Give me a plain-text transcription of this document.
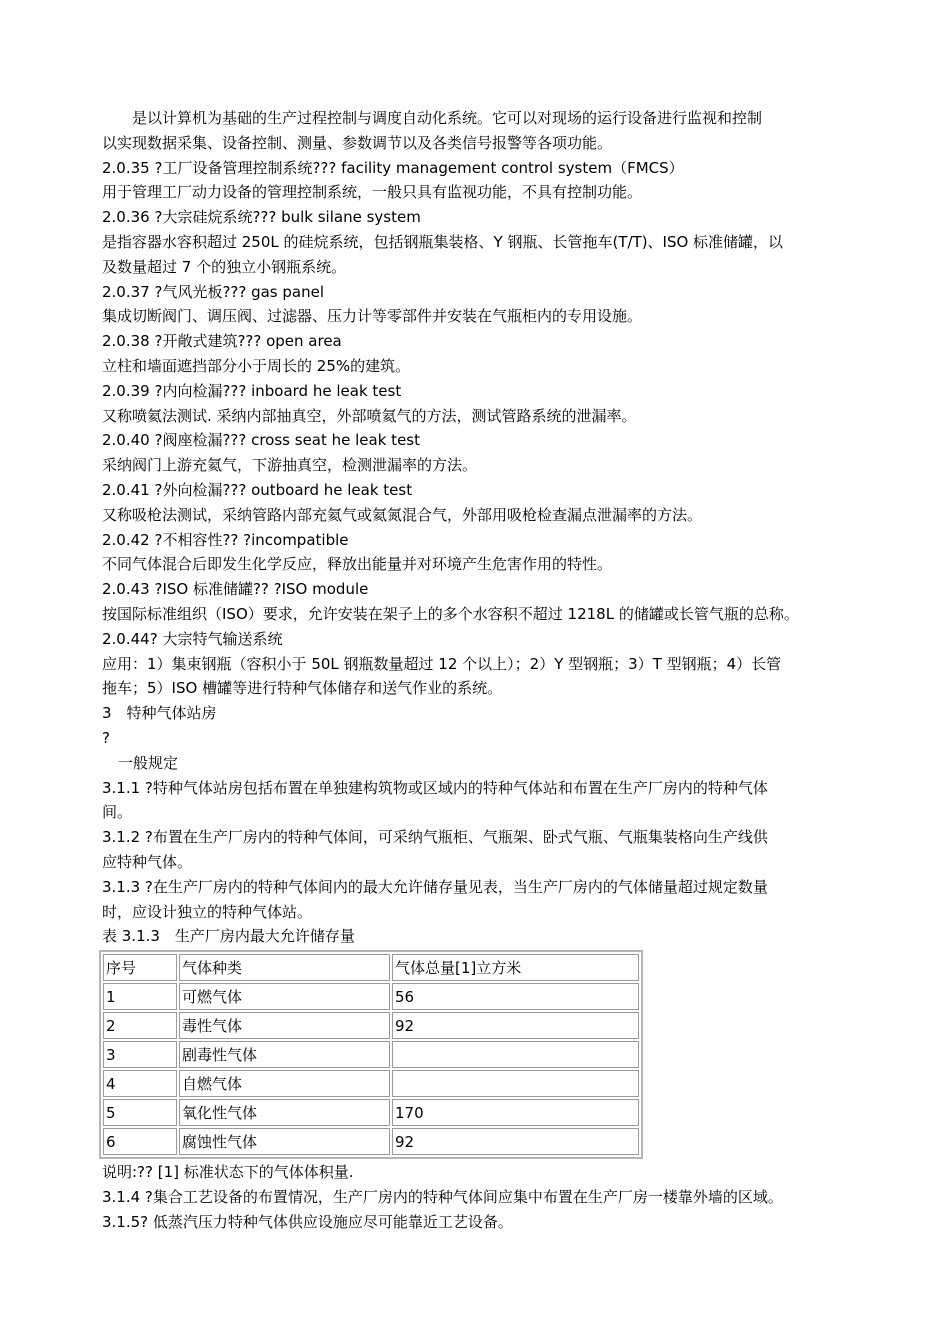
是以计算机为基础的生产过程控制与调度自动化系统。它可以对现场的运行设备进行监视和控制
以实现数据采集、设备控制、测量、参数调节以及各类信号报警等各项功能。
2.0.35 ?工厂设备管理控制系统??? facility management control system（FMCS）
用于管理工厂动力设备的管理控制系统，一般只具有监视功能，不具有控制功能。
2.0.36 ?大宗硅烷系统??? bulk silane system
是指容器水容积超过 250L 的硅烷系统，包括钢瓶集装格、Y 钢瓶、长管拖车(T/T)、ISO 标准储罐，以
及数量超过 7 个的独立小钢瓶系统。
2.0.37 ?气风光板??? gas panel
集成切断阀门、调压阀、过滤器、压力计等零部件并安装在气瓶柜内的专用设施。
2.0.38 ?开敞式建筑??? open area
立柱和墙面遮挡部分小于周长的 25%的建筑。
2.0.39 ?内向检漏??? inboard he leak test
又称喷氦法测试. 采纳内部抽真空，外部喷氦气的方法，测试管路系统的泄漏率。
2.0.40 ?阀座检漏??? cross seat he leak test
采纳阀门上游充氦气，下游抽真空，检测泄漏率的方法。
2.0.41 ?外向检漏??? outboard he leak test
又称吸枪法测试，采纳管路内部充氦气或氦氮混合气，外部用吸枪检查漏点泄漏率的方法。
2.0.42 ?不相容性?? ?incompatible
不同气体混合后即发生化学反应，释放出能量并对环境产生危害作用的特性。
2.0.43 ?ISO 标准储罐?? ?ISO module
按国际标准组织（ISO）要求，允许安装在架子上的多个水容积不超过 1218L 的储罐或长管气瓶的总称。
2.0.44? 大宗特气输送系统
应用：1）集束钢瓶（容积小于 50L 钢瓶数量超过 12 个以上）；2）Y 型钢瓶；3）T 型钢瓶；4）长管
拖车；5）ISO 槽罐等进行特种气体储存和送气作业的系统。
3　特种气体站房
?
一般规定
3.1.1 ?特种气体站房包括布置在单独建构筑物或区域内的特种气体站和布置在生产厂房内的特种气体
间。
3.1.2 ?布置在生产厂房内的特种气体间，可采纳气瓶柜、气瓶架、卧式气瓶、气瓶集装格向生产线供
应特种气体。
3.1.3 ?在生产厂房内的特种气体间内的最大允许储存量见表，当生产厂房内的气体储量超过规定数量
时，应设计独立的特种气体站。
表 3.1.3　生产厂房内最大允许储存量
序号	气体种类	气体总量[1]立方米
1	可燃气体	56
2	毒性气体	92
3	剧毒性气体	
4	自燃气体	
5	氧化性气体	170
6	腐蚀性气体	92
说明:?? [1] 标准状态下的气体体积量.
3.1.4 ?集合工艺设备的布置情况，生产厂房内的特种气体间应集中布置在生产厂房一楼靠外墙的区域。
3.1.5? 低蒸汽压力特种气体供应设施应尽可能靠近工艺设备。
